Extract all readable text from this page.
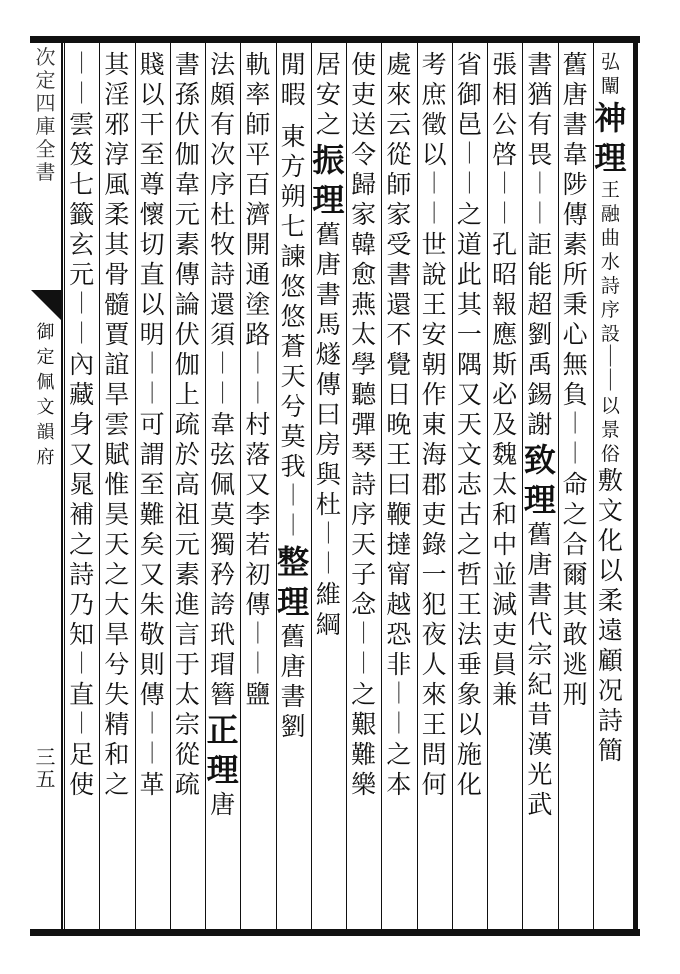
次
定
四
庫
全
書
御
定
佩
文
韻
府
三
五
弘
闡
神
理
王
融
曲
水
詩
序
設
｜
｜
以
景
俗
敷
文
化
以
柔
遠
顧
况
詩
簡
舊
唐
書
韋
陟
傳
素
所
秉
心
無
負
｜
｜
命
之
合
爾
其
敢
逃
刑
書
猶
有
畏
｜
｜
詎
能
超
劉
禹
錫
謝
致
理
舊
唐
書
代
宗
紀
昔
漢
光
武
張
相
公
啓
｜
｜
孔
昭
報
應
斯
必
及
魏
太
和
中
並
減
吏
員
兼
省
御
邑
｜
｜
之
道
此
其
一
隅
又
天
文
志
古
之
哲
王
法
垂
象
以
施
化
考
庶
徵
以
｜
｜
世
說
王
安
朝
作
東
海
郡
吏
錄
一
犯
夜
人
來
王
問
何
處
來
云
從
師
家
受
書
還
不
覺
日
晚
王
曰
鞭
撻
甯
越
恐
非
｜
｜
之
本
使
吏
送
令
歸
家
韓
愈
燕
太
學
聽
彈
琴
詩
序
天
子
念
｜
｜
之
艱
難
樂
居
安
之
振
理
舊
唐
書
馬
燧
傳
曰
房
與
杜
｜
｜
維
綱
閒
暇
東
方
朔
七
諫
悠
悠
蒼
天
兮
莫
我
｜
｜
整
理
舊
唐
書
劉
軌
率
師
平
百
濟
開
通
塗
路
｜
｜
村
落
又
李
若
初
傳
｜
｜
鹽
法
頗
有
次
序
杜
牧
詩
還
須
｜
｜
韋
弦
佩
莫
獨
矜
誇
玳
瑁
簪
正
理
唐
書
孫
伏
伽
韋
元
素
傳
論
伏
伽
上
疏
於
高
祖
元
素
進
言
于
太
宗
從
疏
賤
以
干
至
尊
懷
切
直
以
明
｜
｜
可
謂
至
難
矣
又
朱
敬
則
傳
｜
｜
革
其
淫
邪
淳
風
柔
其
骨
髓
賈
誼
旱
雲
賦
惟
昊
天
之
大
旱
兮
失
精
和
之
｜
｜
雲
笈
七
籤
玄
元
｜
｜
內
藏
身
又
晁
補
之
詩
乃
知
｜
直
｜
足
使
